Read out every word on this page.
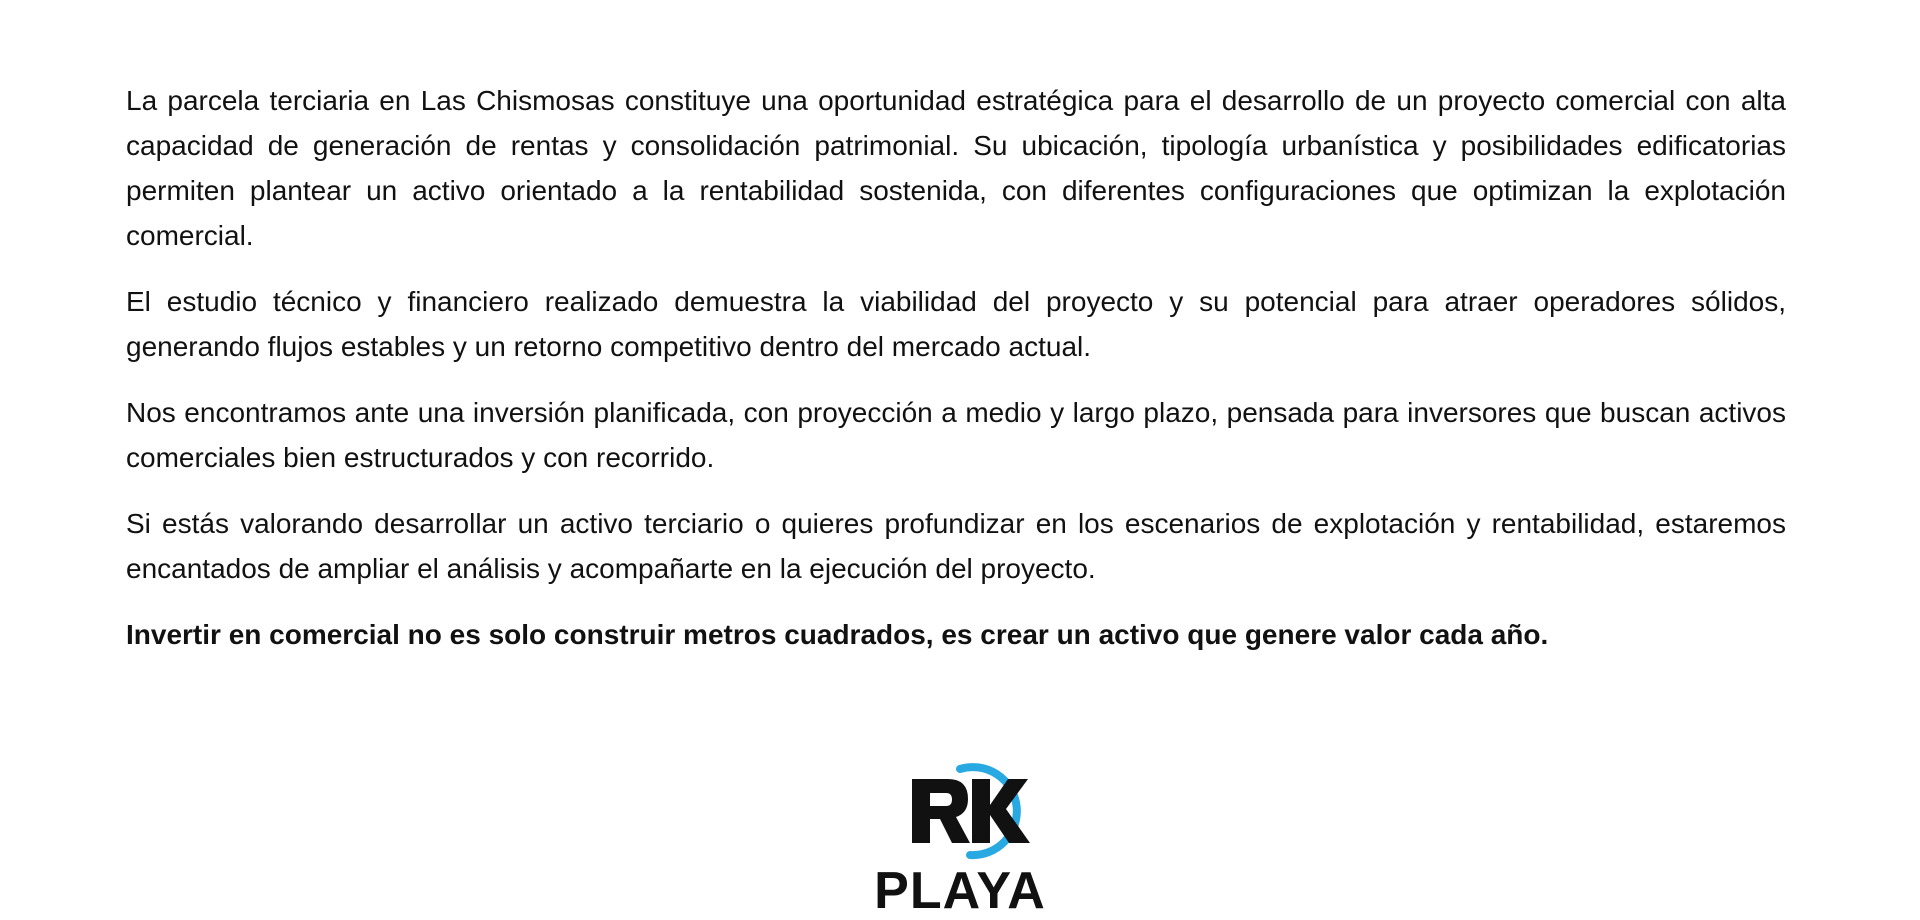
La parcela terciaria en Las Chismosas constituye una oportunidad estratégica para el desarrollo de un proyecto comercial con alta capacidad de generación de rentas y consolidación patrimonial. Su ubicación, tipología urbanística y posibilidades edificatorias permiten plantear un activo orientado a la rentabilidad sostenida, con diferentes configuraciones que optimizan la explotación comercial.

El estudio técnico y financiero realizado demuestra la viabilidad del proyecto y su potencial para atraer operadores sólidos, generando flujos estables y un retorno competitivo dentro del mercado actual.

Nos encontramos ante una inversión planificada, con proyección a medio y largo plazo, pensada para inversores que buscan activos comerciales bien estructurados y con recorrido.

Si estás valorando desarrollar un activo terciario o quieres profundizar en los escenarios de explotación y rentabilidad, estaremos encantados de ampliar el análisis y acompañarte en la ejecución del proyecto.

Invertir en comercial no es solo construir metros cuadrados, es crear un activo que genere valor cada año.

PLAYA
